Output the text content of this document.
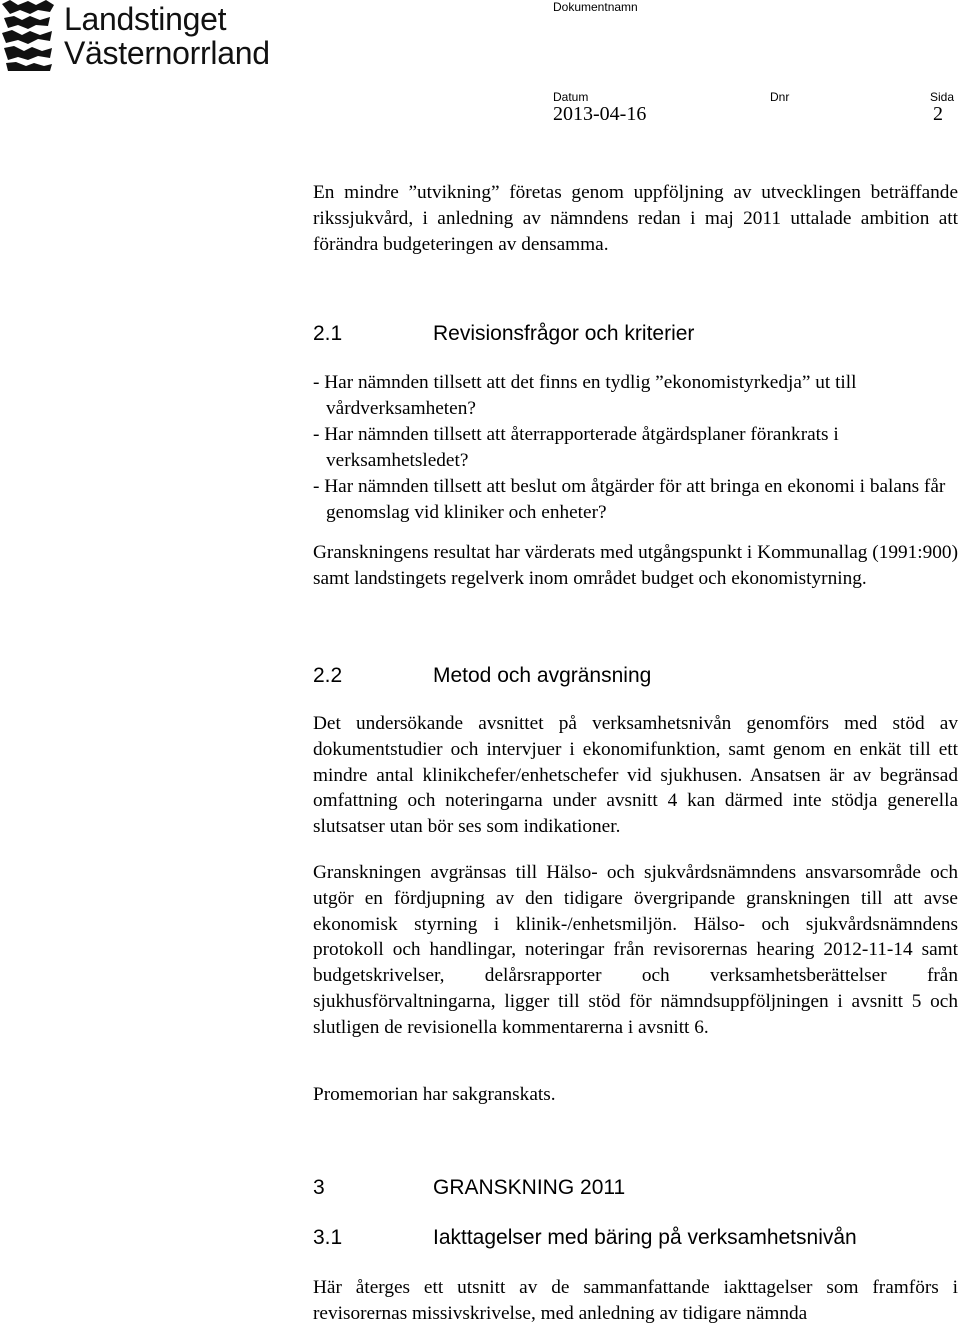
Landstinget
Västernorrland
Dokumentnamn
Datum	Dnr	Sida
2013-04-16	2
En mindre ”utvikning” företas genom uppföljning av utvecklingen beträffande rikssjukvård, i anledning av nämndens redan i maj 2011 uttalade ambition att förändra budgeteringen av densamma.
2.1	Revisionsfrågor och kriterier
- Har nämnden tillsett att det finns en tydlig ”ekonomistyrkedja” ut till vårdverksamheten?
- Har nämnden tillsett att återrapporterade åtgärdsplaner förankrats i verksamhetsledet?
- Har nämnden tillsett att beslut om åtgärder för att bringa en ekonomi i balans får genomslag vid kliniker och enheter?
Granskningens resultat har värderats med utgångspunkt i Kommunallag (1991:900) samt landstingets regelverk inom området budget och ekonomistyrning.
2.2	Metod och avgränsning
Det undersökande avsnittet på verksamhetsnivån genomförs med stöd av dokumentstudier och intervjuer i ekonomifunktion, samt genom en enkät till ett mindre antal klinikchefer/enhetschefer vid sjukhusen. Ansatsen är av begränsad omfattning och noteringarna under avsnitt 4 kan därmed inte stödja generella slutsatser utan bör ses som indikationer.
Granskningen avgränsas till Hälso- och sjukvårdsnämndens ansvarsområde och utgör en fördjupning av den tidigare övergripande granskningen till att avse ekonomisk styrning i klinik-/enhetsmiljön. Hälso- och sjukvårdsnämndens protokoll och handlingar, noteringar från revisorernas hearing 2012-11-14 samt budgetskrivelser, delårsrapporter och verksamhetsberättelser från sjukhusförvaltningarna, ligger till stöd för nämndsuppföljningen i avsnitt 5 och slutligen de revisionella kommentarerna i avsnitt 6.
Promemorian har sakgranskats.
3	GRANSKNING 2011
3.1	Iakttagelser med bäring på verksamhetsnivån
Här återges ett utsnitt av de sammanfattande iakttagelser som framförs i revisorernas missivskrivelse, med anledning av tidigare nämnda
